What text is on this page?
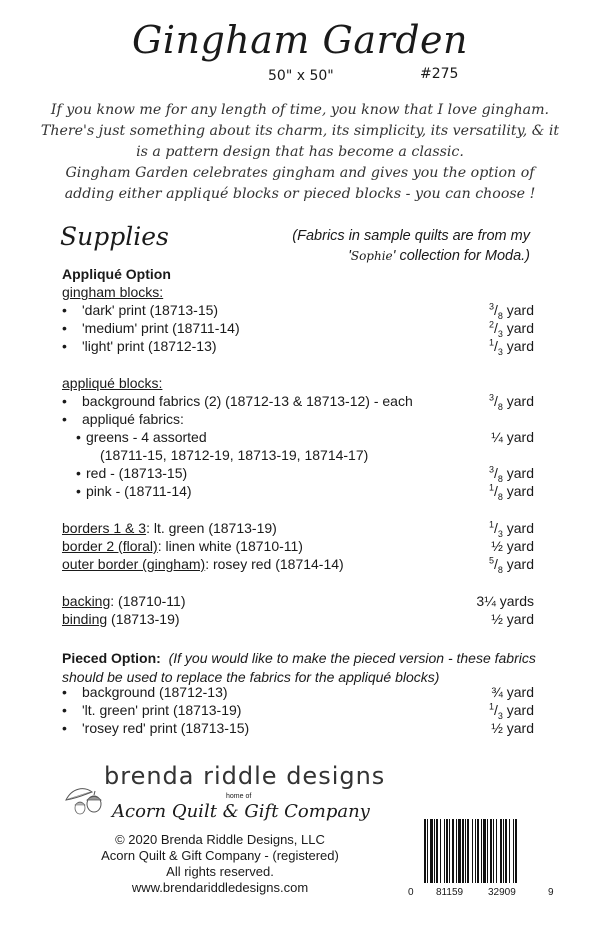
Gingham Garden
50" x 50"	#275
If you know me for any length of time, you know that I love gingham. There's just something about its charm, its simplicity, its versatility, & it is a pattern design that has become a classic.
Gingham Garden celebrates gingham and gives you the option of adding either appliqué blocks or pieced blocks - you can choose !
Supplies	(Fabrics in sample quilts are from my 'Sophie' collection for Moda.)
Appliqué Option
gingham blocks:
• 'dark' print (18713-15)	$^3/_8$ yard
• 'medium' print (18711-14)	$^2/_3$ yard
• 'light' print (18712-13)	$^1/_3$ yard
appliqué blocks:
• background fabrics (2) (18712-13 & 18713-12) - each	$^3/_8$ yard
• appliqué fabrics:
• greens - 4 assorted	¼ yard
(18711-15, 18712-19, 18713-19, 18714-17)
• red - (18713-15)	$^3/_8$ yard
• pink - (18711-14)	$^1/_8$ yard
borders 1 & 3: lt. green (18713-19)	$^1/_3$ yard
border 2 (floral): linen white (18710-11)	½ yard
outer border (gingham): rosey red (18714-14)	$^5/_8$ yard
backing: (18710-11)	3¼ yards
binding (18713-19)	½ yard
Pieced Option: (If you would like to make the pieced version - these fabrics should be used to replace the fabrics for the appliqué blocks)
• background (18712-13)	¾ yard
• 'lt. green' print (18713-19)	$^1/_3$ yard
• 'rosey red' print (18713-15)	½ yard
brenda riddle designs
home of
Acorn Quilt & Gift Company
© 2020 Brenda Riddle Designs, LLC
Acorn Quilt & Gift Company - (registered)
All rights reserved.
www.brendariddledesigns.com	0 81159 32909	9
